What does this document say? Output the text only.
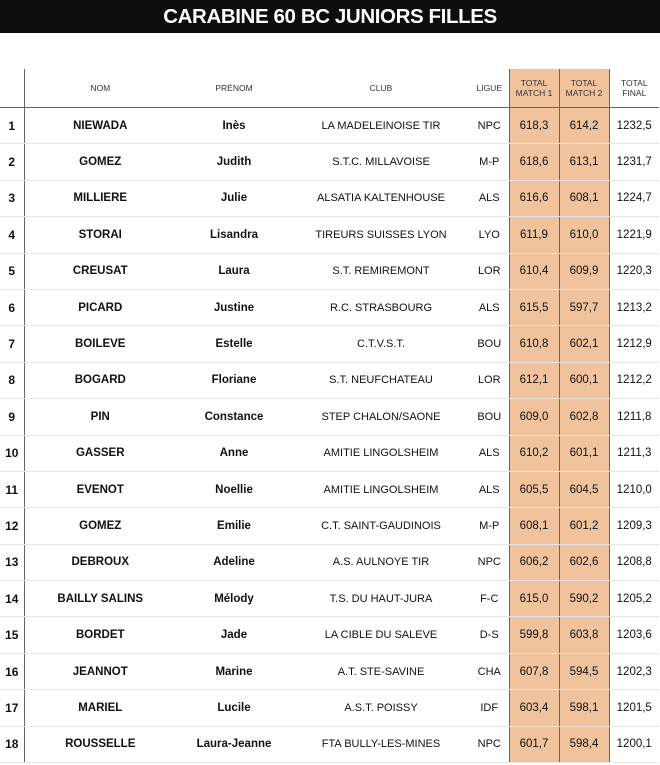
CARABINE 60 BC JUNIORS FILLES
	NOM	PRÉNOM	CLUB	LIGUE	TOTAL MATCH 1	TOTAL MATCH 2	TOTAL FINAL
1	NIEWADA	Inès	LA MADELEINOISE TIR	NPC	618,3	614,2	1232,5
2	GOMEZ	Judith	S.T.C. MILLAVOISE	M-P	618,6	613,1	1231,7
3	MILLIERE	Julie	ALSATIA KALTENHOUSE	ALS	616,6	608,1	1224,7
4	STORAI	Lisandra	TIREURS SUISSES LYON	LYO	611,9	610,0	1221,9
5	CREUSAT	Laura	S.T. REMIREMONT	LOR	610,4	609,9	1220,3
6	PICARD	Justine	R.C. STRASBOURG	ALS	615,5	597,7	1213,2
7	BOILEVE	Estelle	C.T.V.S.T.	BOU	610,8	602,1	1212,9
8	BOGARD	Floriane	S.T. NEUFCHATEAU	LOR	612,1	600,1	1212,2
9	PIN	Constance	STEP CHALON/SAONE	BOU	609,0	602,8	1211,8
10	GASSER	Anne	AMITIE LINGOLSHEIM	ALS	610,2	601,1	1211,3
11	EVENOT	Noellie	AMITIE LINGOLSHEIM	ALS	605,5	604,5	1210,0
12	GOMEZ	Emilie	C.T. SAINT-GAUDINOIS	M-P	608,1	601,2	1209,3
13	DEBROUX	Adeline	A.S. AULNOYE TIR	NPC	606,2	602,6	1208,8
14	BAILLY SALINS	Mélody	T.S. DU HAUT-JURA	F-C	615,0	590,2	1205,2
15	BORDET	Jade	LA CIBLE DU SALEVE	D-S	599,8	603,8	1203,6
16	JEANNOT	Marine	A.T. STE-SAVINE	CHA	607,8	594,5	1202,3
17	MARIEL	Lucile	A.S.T. POISSY	IDF	603,4	598,1	1201,5
18	ROUSSELLE	Laura-Jeanne	FTA BULLY-LES-MINES	NPC	601,7	598,4	1200,1
